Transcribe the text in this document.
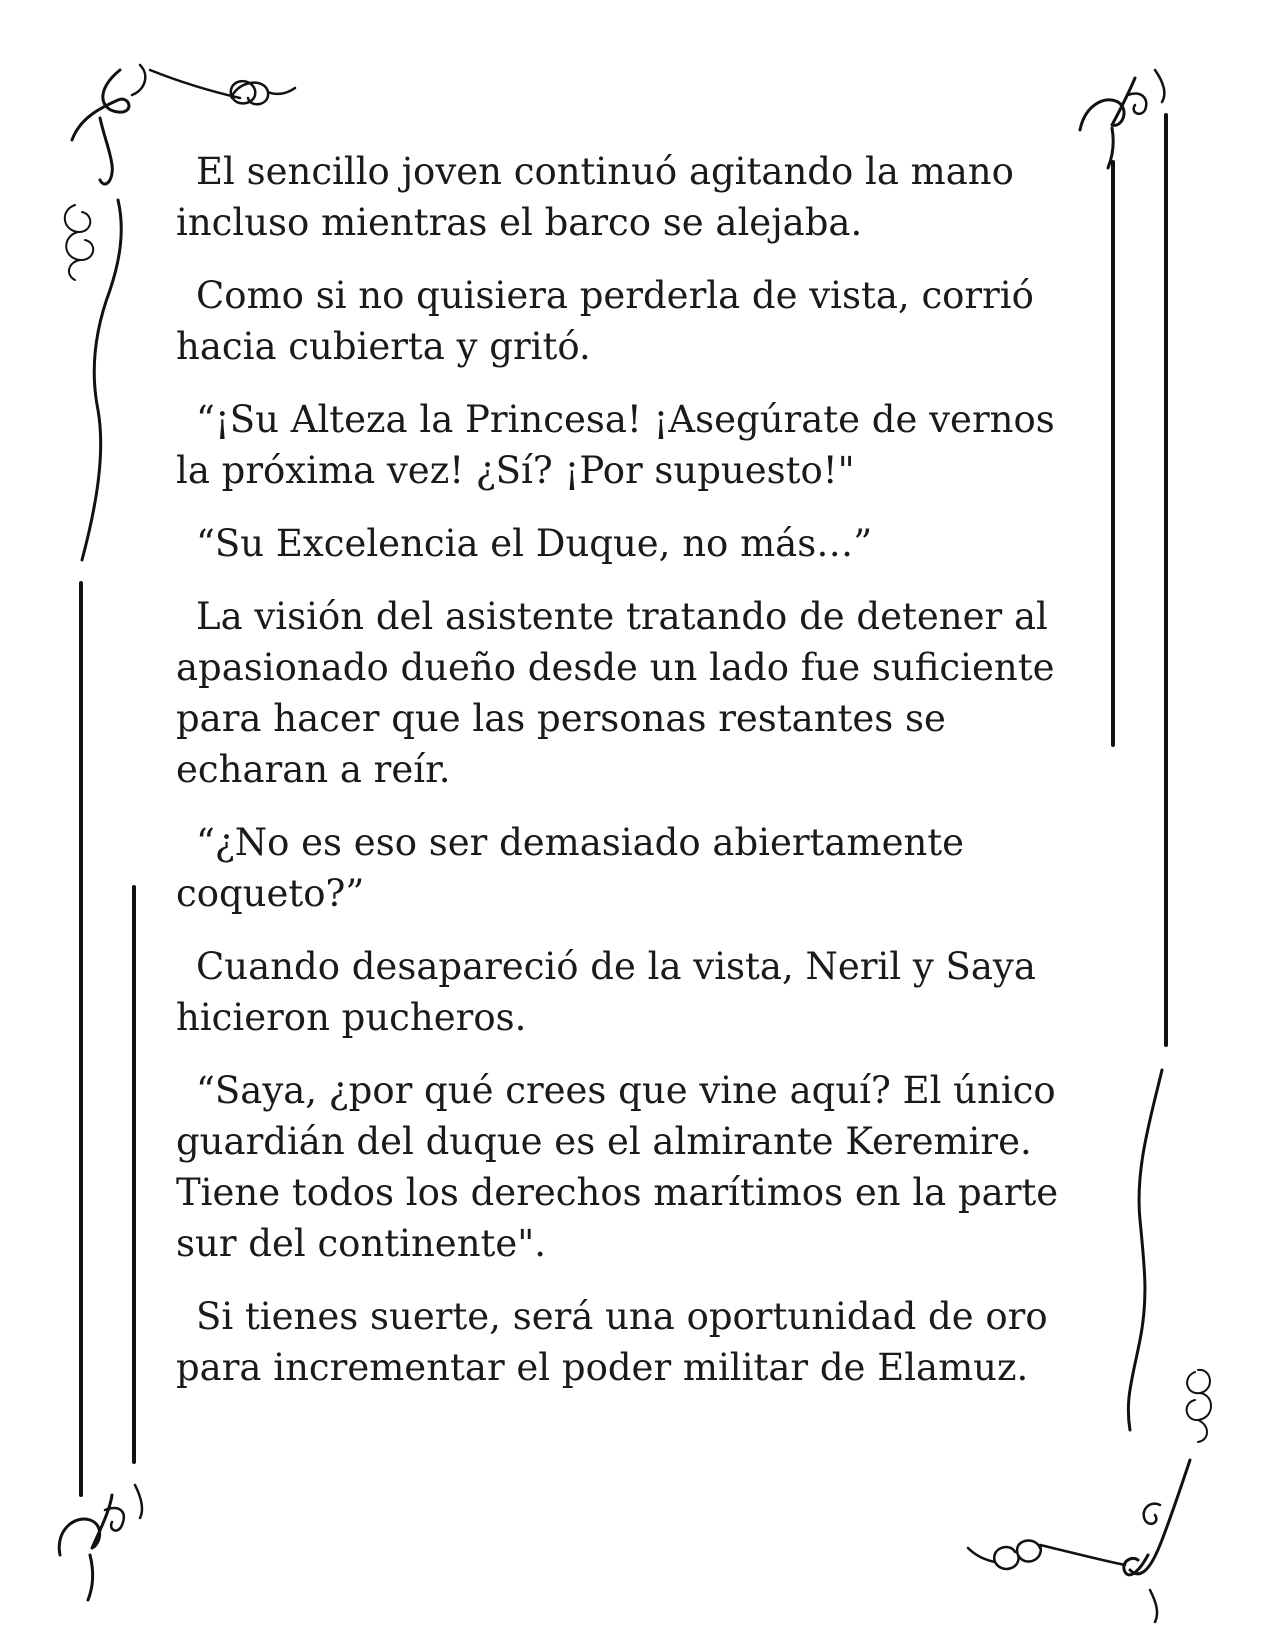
El sencillo joven continuó agitando la mano incluso mientras el barco se alejaba.

Como si no quisiera perderla de vista, corrió hacia cubierta y gritó.

“¡Su Alteza la Princesa! ¡Asegúrate de vernos la próxima vez! ¿Sí? ¡Por supuesto!"

“Su Excelencia el Duque, no más…”

La visión del asistente tratando de detener al apasionado dueño desde un lado fue suficiente para hacer que las personas restantes se echaran a reír.

“¿No es eso ser demasiado abiertamente coqueto?”

Cuando desapareció de la vista, Neril y Saya hicieron pucheros.

“Saya, ¿por qué crees que vine aquí? El único guardián del duque es el almirante Keremire. Tiene todos los derechos marítimos en la parte sur del continente".

Si tienes suerte, será una oportunidad de oro para incrementar el poder militar de Elamuz.
